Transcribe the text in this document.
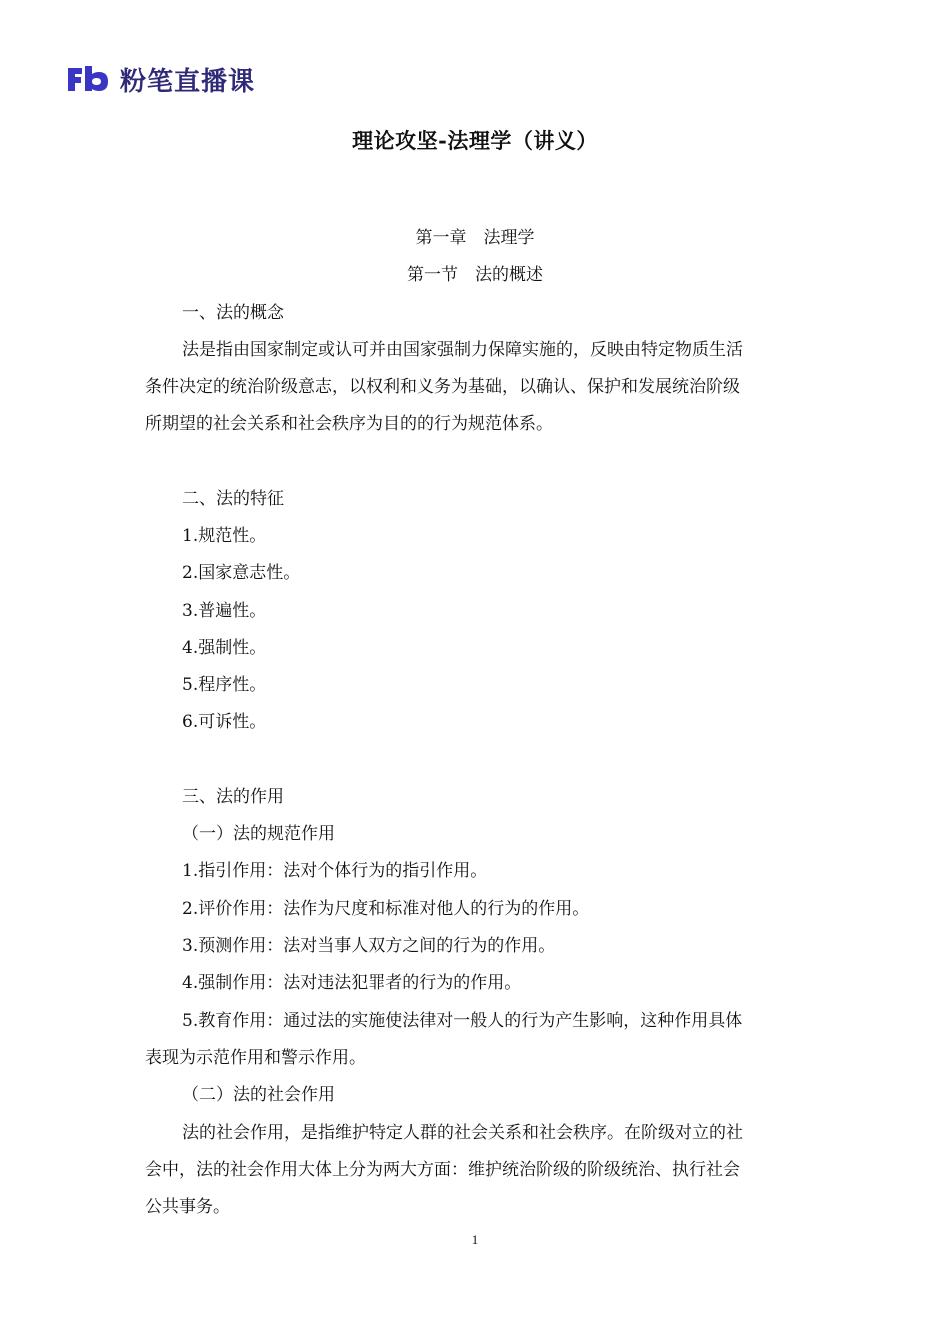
粉笔直播课
理论攻坚-法理学（讲义）
第一章　法理学
第一节　法的概述
一、法的概念
法是指由国家制定或认可并由国家强制力保障实施的，反映由特定物质生活
条件决定的统治阶级意志，以权利和义务为基础，以确认、保护和发展统治阶级
所期望的社会关系和社会秩序为目的的行为规范体系。
二、法的特征
1.规范性。
2.国家意志性。
3.普遍性。
4.强制性。
5.程序性。
6.可诉性。
三、法的作用
（一）法的规范作用
1.指引作用：法对个体行为的指引作用。
2.评价作用：法作为尺度和标准对他人的行为的作用。
3.预测作用：法对当事人双方之间的行为的作用。
4.强制作用：法对违法犯罪者的行为的作用。
5.教育作用：通过法的实施使法律对一般人的行为产生影响，这种作用具体
表现为示范作用和警示作用。
（二）法的社会作用
法的社会作用，是指维护特定人群的社会关系和社会秩序。在阶级对立的社
会中，法的社会作用大体上分为两大方面：维护统治阶级的阶级统治、执行社会
公共事务。
1
